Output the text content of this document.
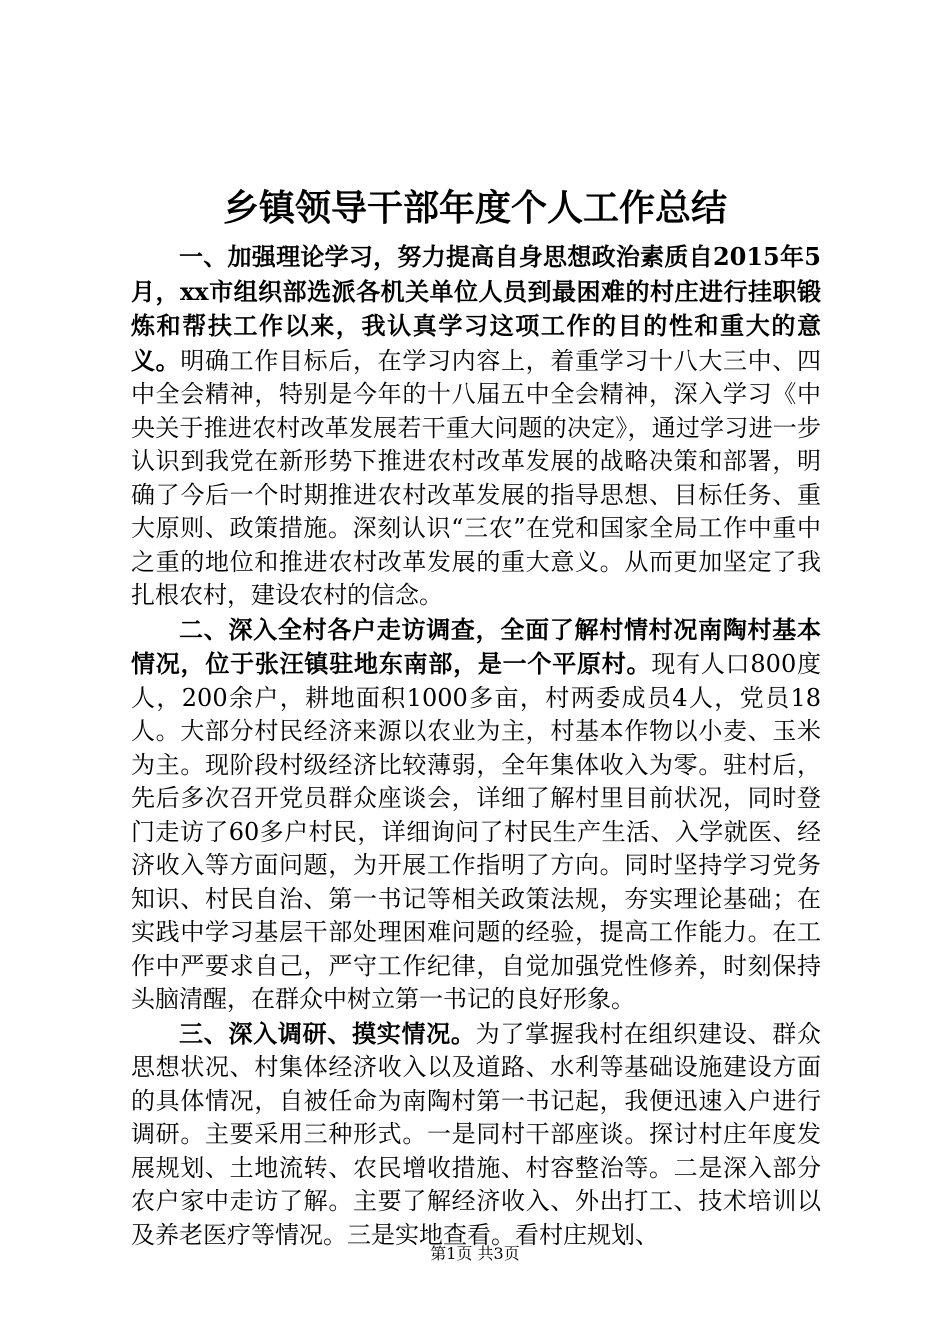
乡镇领导干部年度个人工作总结

一、加强理论学习，努力提高自身思想政治素质自2015年5月，xx市组织部选派各机关单位人员到最困难的村庄进行挂职锻炼和帮扶工作以来，我认真学习这项工作的目的性和重大的意义。明确工作目标后，在学习内容上，着重学习十八大三中、四中全会精神，特别是今年的十八届五中全会精神，深入学习《中央关于推进农村改革发展若干重大问题的决定》，通过学习进一步认识到我党在新形势下推进农村改革发展的战略决策和部署，明确了今后一个时期推进农村改革发展的指导思想、目标任务、重大原则、政策措施。深刻认识“三农”在党和国家全局工作中重中之重的地位和推进农村改革发展的重大意义。从而更加坚定了我扎根农村，建设农村的信念。

二、深入全村各户走访调查，全面了解村情村况南陶村基本情况，位于张汪镇驻地东南部，是一个平原村。现有人口800度人，200余户，耕地面积1000多亩，村两委成员4人，党员18人。大部分村民经济来源以农业为主，村基本作物以小麦、玉米为主。现阶段村级经济比较薄弱，全年集体收入为零。驻村后，先后多次召开党员群众座谈会，详细了解村里目前状况，同时登门走访了60多户村民，详细询问了村民生产生活、入学就医、经济收入等方面问题，为开展工作指明了方向。同时坚持学习党务知识、村民自治、第一书记等相关政策法规，夯实理论基础；在实践中学习基层干部处理困难问题的经验，提高工作能力。在工作中严要求自己，严守工作纪律，自觉加强党性修养，时刻保持头脑清醒，在群众中树立第一书记的良好形象。

三、深入调研、摸实情况。为了掌握我村在组织建设、群众思想状况、村集体经济收入以及道路、水利等基础设施建设方面的具体情况，自被任命为南陶村第一书记起，我便迅速入户进行调研。主要采用三种形式。一是同村干部座谈。探讨村庄年度发展规划、土地流转、农民增收措施、村容整治等。二是深入部分农户家中走访了解。主要了解经济收入、外出打工、技术培训以及养老医疗等情况。三是实地查看。看村庄规划、

第1页 共3页
